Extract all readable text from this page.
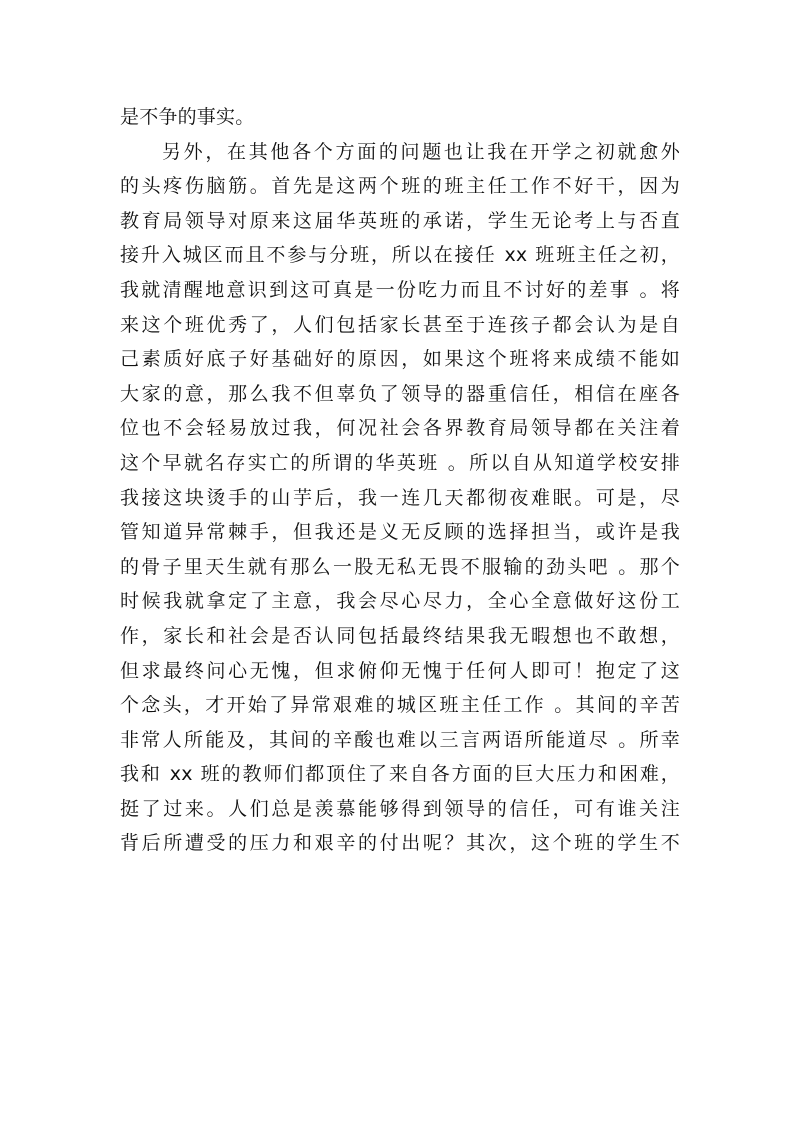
是不争的事实。
另外，在其他各个方面的问题也让我在开学之初就愈外
的头疼伤脑筋。首先是这两个班的班主任工作不好干，因为
教育局领导对原来这届华英班的承诺，学生无论考上与否直
接升入城区而且不参与分班，所以在接任 xx 班班主任之初，
我就清醒地意识到这可真是一份吃力而且不讨好的差事 。将
来这个班优秀了，人们包括家长甚至于连孩子都会认为是自
己素质好底子好基础好的原因，如果这个班将来成绩不能如
大家的意，那么我不但辜负了领导的器重信任，相信在座各
位也不会轻易放过我，何况社会各界教育局领导都在关注着
这个早就名存实亡的所谓的华英班 。所以自从知道学校安排
我接这块烫手的山芋后，我一连几天都彻夜难眠。可是，尽
管知道异常棘手，但我还是义无反顾的选择担当，或许是我
的骨子里天生就有那么一股无私无畏不服输的劲头吧 。那个
时候我就拿定了主意，我会尽心尽力，全心全意做好这份工
作，家长和社会是否认同包括最终结果我无暇想也不敢想，
但求最终问心无愧，但求俯仰无愧于任何人即可！抱定了这
个念头，才开始了异常艰难的城区班主任工作 。其间的辛苦
非常人所能及，其间的辛酸也难以三言两语所能道尽 。所幸
我和 xx 班的教师们都顶住了来自各方面的巨大压力和困难，
挺了过来。人们总是羡慕能够得到领导的信任，可有谁关注
背后所遭受的压力和艰辛的付出呢？其次，这个班的学生不
